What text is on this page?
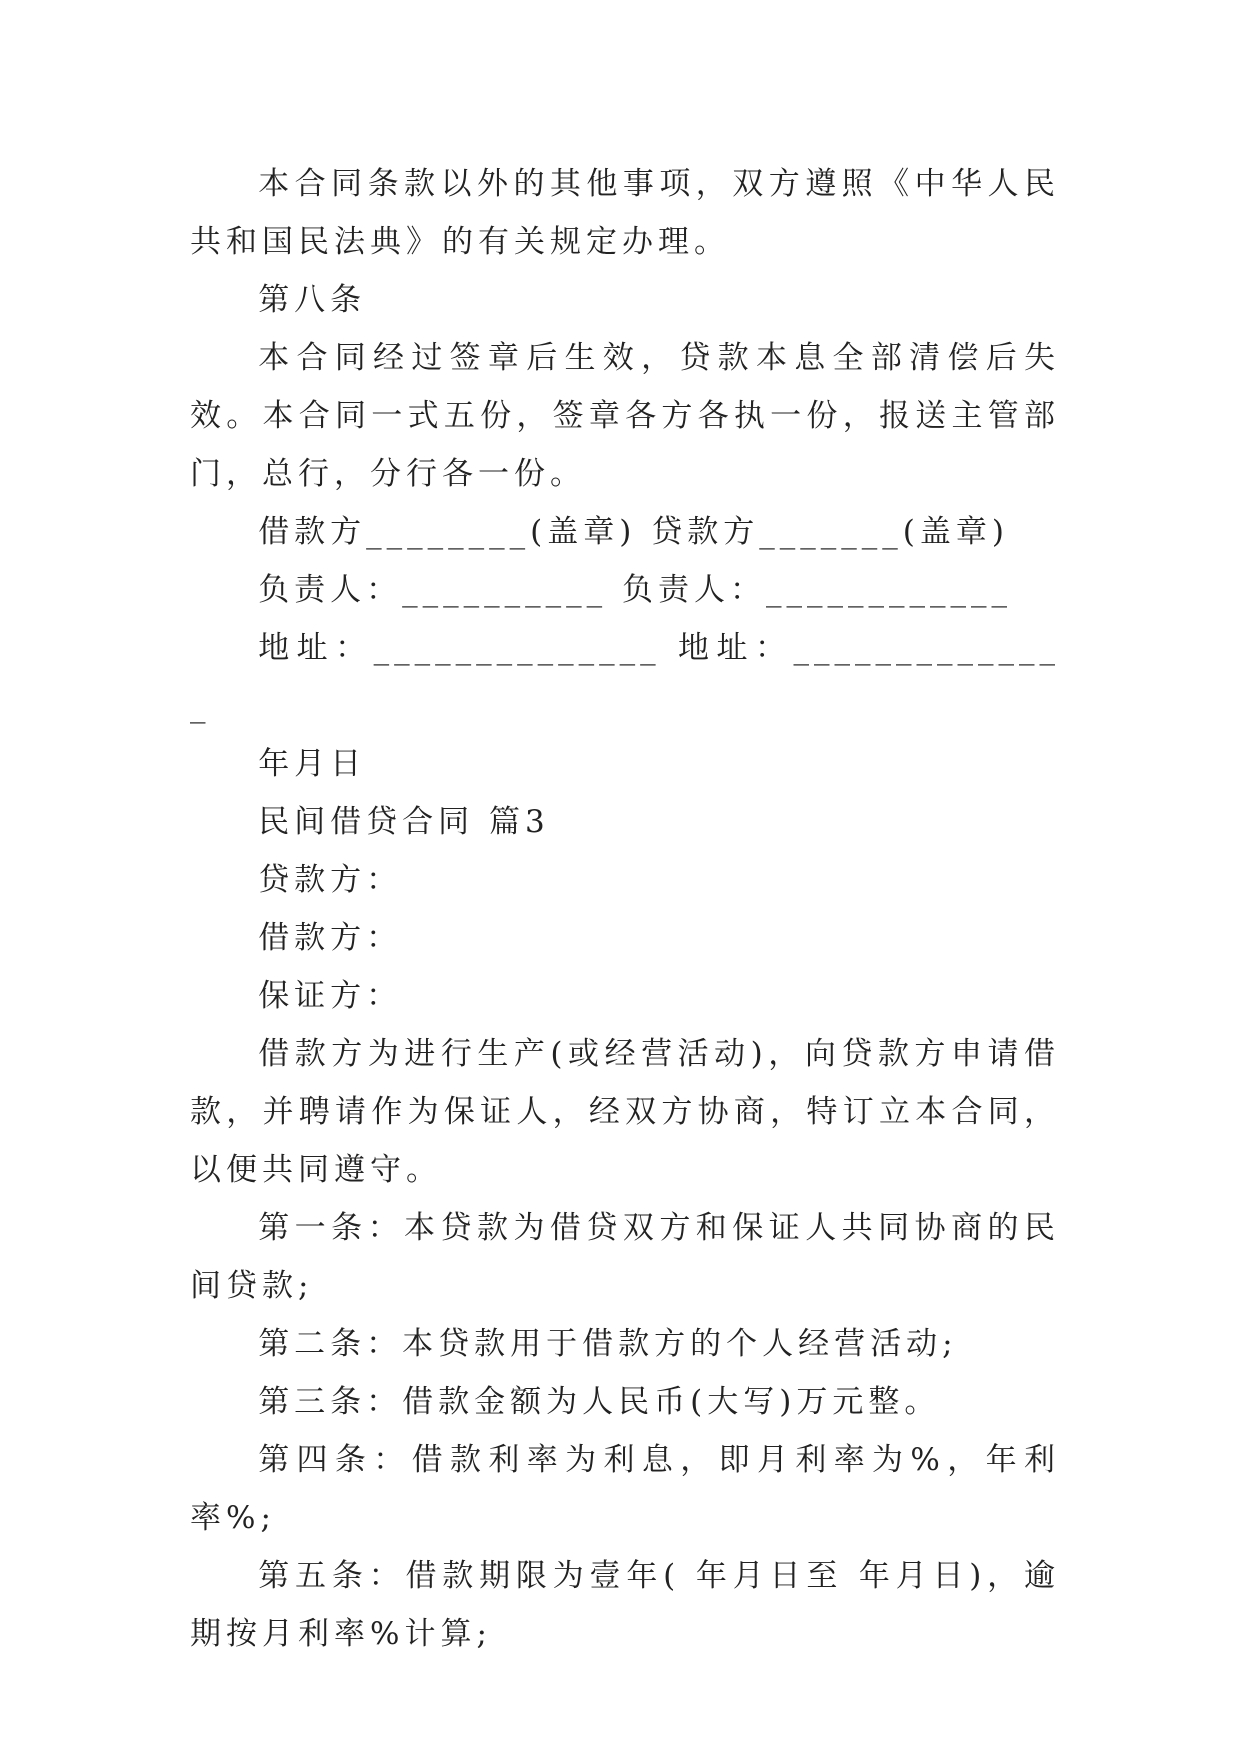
本合同条款以外的其他事项，双方遵照《中华人民共和国民法典》的有关规定办理。

第八条

本合同经过签章后生效，贷款本息全部清偿后失效。本合同一式五份，签章各方各执一份，报送主管部门，总行，分行各一份。

借款方________(盖章) 贷款方_______(盖章)

负责人：__________ 负责人：____________

地址：______________ 地址：______________

年月日

民间借贷合同 篇3

贷款方：

借款方：

保证方：

借款方为进行生产(或经营活动)，向贷款方申请借款，并聘请作为保证人，经双方协商，特订立本合同，以便共同遵守。

第一条：本贷款为借贷双方和保证人共同协商的民间贷款;

第二条：本贷款用于借款方的个人经营活动;

第三条：借款金额为人民币(大写)万元整。

第四条：借款利率为利息，即月利率为%，年利率%;

第五条：借款期限为壹年( 年月日至 年月日)，逾期按月利率%计算;
